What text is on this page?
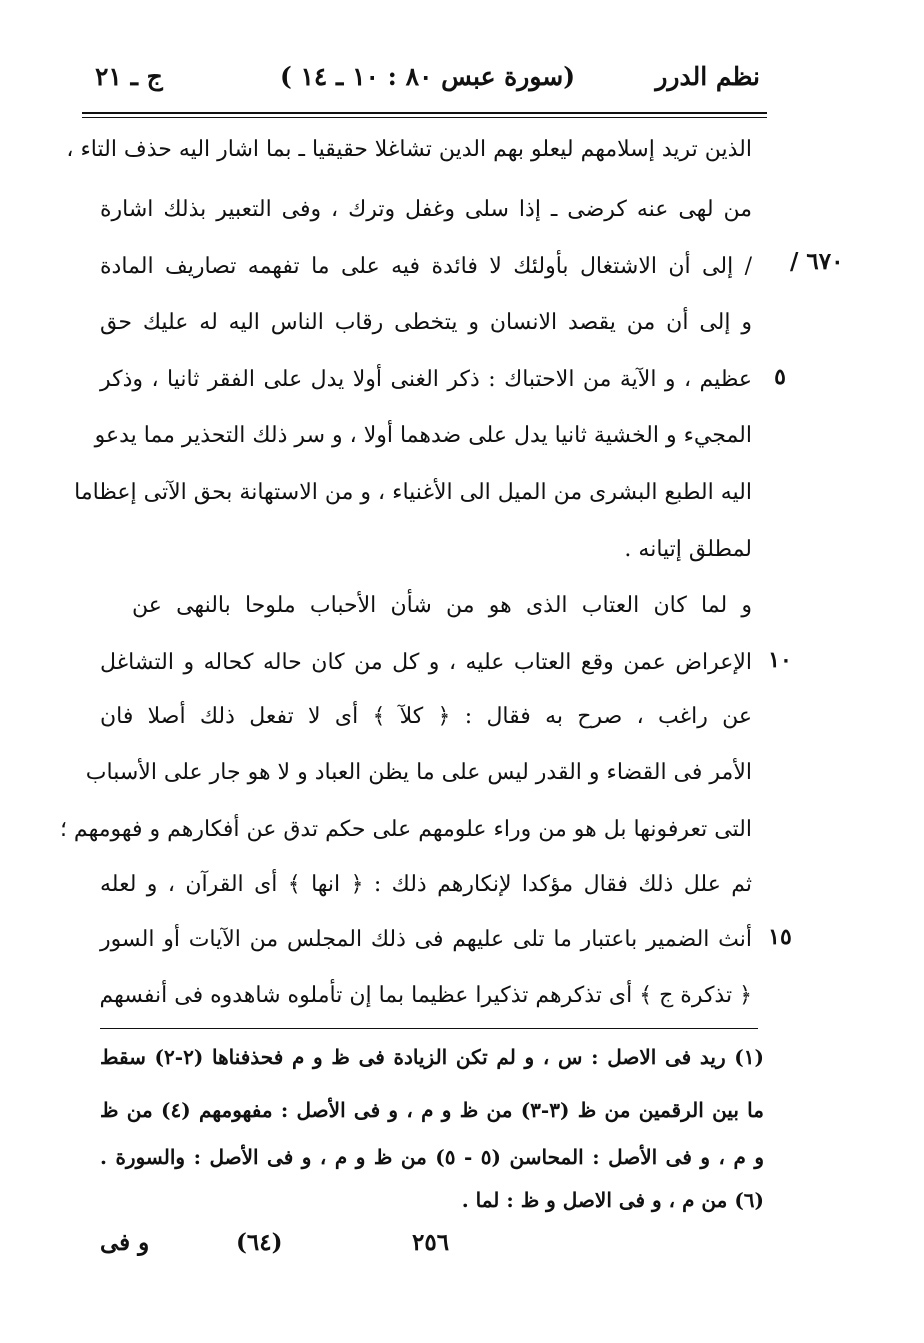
نظم الدرر
(سورة عبس ٨٠ : ١٠ ـ ١٤ )
ج ـ ٢١
٦٧٠ /
الذين تريد إسلامهم ليعلو بهم الدين تشاغلا حقيقيا ـ بما اشار اليه حذف التاء ،
من لهى عنه كرضى ـ إذا سلى وغفل وترك ، وفى التعبير بذلك اشارة
/ إلى أن الاشتغال بأولئك لا فائدة فيه على ما تفهمه تصاريف المادة
و إلى أن من يقصد الانسان و يتخطى رقاب الناس اليه له عليك حق
عظيم ، و الآية من الاحتباك : ذكر الغنى أولا يدل على الفقر ثانيا ، وذكر
المجيء و الخشية ثانيا يدل على ضدهما أولا ، و سر ذلك التحذير مما يدعو
اليه الطبع البشرى من الميل الى الأغنياء ، و من الاستهانة بحق الآتى إعظاما
لمطلق إتيانه .
و لما كان العتاب الذى هو من شأن الأحباب ملوحا بالنهى عن
الإعراض عمن وقع العتاب عليه ، و كل من كان حاله كحاله و التشاغل
عن راغب ، صرح به فقال : ﴿ كلآ ﴾ أى لا تفعل ذلك أصلا فان
الأمر فى القضاء و القدر ليس على ما يظن العباد و لا هو جار على الأسباب
التى تعرفونها بل هو من وراء علومهم على حكم تدق عن أفكارهم و فهومهم ؛
ثم علل ذلك فقال مؤكدا لإنكارهم ذلك : ﴿ انها ﴾ أى القرآن ، و لعله
أنث الضمير باعتبار ما تلى عليهم فى ذلك المجلس من الآيات أو السور
﴿ تذكرة ج ﴾ أى تذكرهم تذكيرا عظيما بما إن تأملوه شاهدوه فى أنفسهم
٥
١٠
١٥
(١) ريد فى الاصل : س ، و لم تكن الزيادة فى ظ و م فحذفناها (٢-٢) سقط
ما بين الرقمين من ظ (٣-٣) من ظ و م ، و فى الأصل : مفهومهم (٤) من ظ
و م ، و فى الأصل : المحاسن (٥ - ٥) من ظ و م ، و فى الأصل : والسورة .
(٦) من م ، و فى الاصل و ظ : لما .
٢٥٦
(٦٤)
و فى
